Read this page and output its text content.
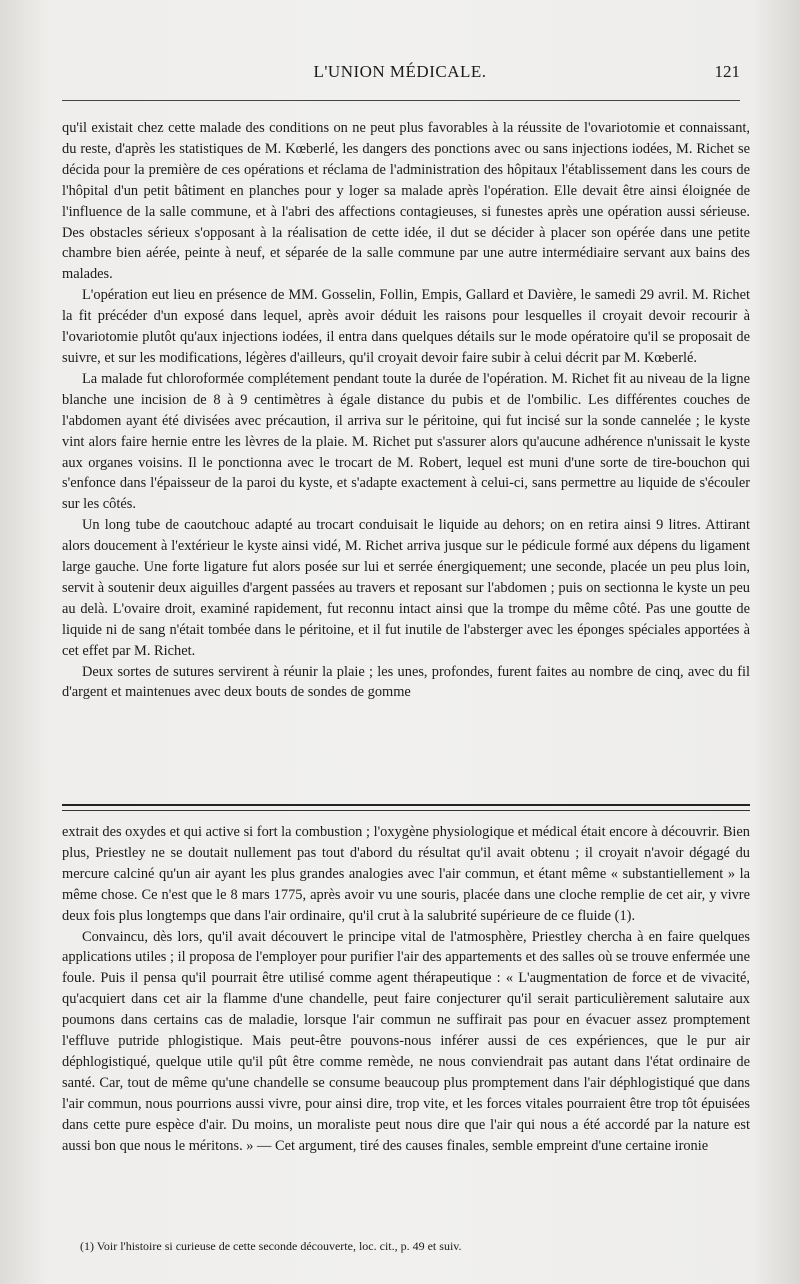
L'UNION MÉDICALE.	121

qu'il existait chez cette malade des conditions on ne peut plus favorables à la réussite de l'ovariotomie et connaissant, du reste, d'après les statistiques de M. Kœberlé, les dangers des ponctions avec ou sans injections iodées, M. Richet se décida pour la première de ces opérations et réclama de l'administration des hôpitaux l'établissement dans les cours de l'hôpital d'un petit bâtiment en planches pour y loger sa malade après l'opération. Elle devait être ainsi éloignée de l'influence de la salle commune, et à l'abri des affections contagieuses, si funestes après une opération aussi sérieuse. Des obstacles sérieux s'opposant à la réalisation de cette idée, il dut se décider à placer son opérée dans une petite chambre bien aérée, peinte à neuf, et séparée de la salle commune par une autre intermédiaire servant aux bains des malades.

L'opération eut lieu en présence de MM. Gosselin, Follin, Empis, Gallard et Davière, le samedi 29 avril. M. Richet la fit précéder d'un exposé dans lequel, après avoir déduit les raisons pour lesquelles il croyait devoir recourir à l'ovariotomie plutôt qu'aux injections iodées, il entra dans quelques détails sur le mode opératoire qu'il se proposait de suivre, et sur les modifications, légères d'ailleurs, qu'il croyait devoir faire subir à celui décrit par M. Kœberlé.

La malade fut chloroformée complétement pendant toute la durée de l'opération. M. Richet fit au niveau de la ligne blanche une incision de 8 à 9 centimètres à égale distance du pubis et de l'ombilic. Les différentes couches de l'abdomen ayant été divisées avec précaution, il arriva sur le péritoine, qui fut incisé sur la sonde cannelée ; le kyste vint alors faire hernie entre les lèvres de la plaie. M. Richet put s'assurer alors qu'aucune adhérence n'unissait le kyste aux organes voisins. Il le ponctionna avec le trocart de M. Robert, lequel est muni d'une sorte de tire-bouchon qui s'enfonce dans l'épaisseur de la paroi du kyste, et s'adapte exactement à celui-ci, sans permettre au liquide de s'écouler sur les côtés.

Un long tube de caoutchouc adapté au trocart conduisait le liquide au dehors; on en retira ainsi 9 litres. Attirant alors doucement à l'extérieur le kyste ainsi vidé, M. Richet arriva jusque sur le pédicule formé aux dépens du ligament large gauche. Une forte ligature fut alors posée sur lui et serrée énergiquement; une seconde, placée un peu plus loin, servit à soutenir deux aiguilles d'argent passées au travers et reposant sur l'abdomen ; puis on sectionna le kyste un peu au delà. L'ovaire droit, examiné rapidement, fut reconnu intact ainsi que la trompe du même côté. Pas une goutte de liquide ni de sang n'était tombée dans le péritoine, et il fut inutile de l'absterger avec les éponges spéciales apportées à cet effet par M. Richet.

Deux sortes de sutures servirent à réunir la plaie ; les unes, profondes, furent faites au nombre de cinq, avec du fil d'argent et maintenues avec deux bouts de sondes de gomme

extrait des oxydes et qui active si fort la combustion ; l'oxygène physiologique et médical était encore à découvrir. Bien plus, Priestley ne se doutait nullement pas tout d'abord du résultat qu'il avait obtenu ; il croyait n'avoir dégagé du mercure calciné qu'un air ayant les plus grandes analogies avec l'air commun, et étant même « substantiellement » la même chose. Ce n'est que le 8 mars 1775, après avoir vu une souris, placée dans une cloche remplie de cet air, y vivre deux fois plus longtemps que dans l'air ordinaire, qu'il crut à la salubrité supérieure de ce fluide (1).

Convaincu, dès lors, qu'il avait découvert le principe vital de l'atmosphère, Priestley chercha à en faire quelques applications utiles ; il proposa de l'employer pour purifier l'air des appartements et des salles où se trouve enfermée une foule. Puis il pensa qu'il pourrait être utilisé comme agent thérapeutique : « L'augmentation de force et de vivacité, qu'acquiert dans cet air la flamme d'une chandelle, peut faire conjecturer qu'il serait particulièrement salutaire aux poumons dans certains cas de maladie, lorsque l'air commun ne suffirait pas pour en évacuer assez promptement l'effluve putride phlogistique. Mais peut-être pouvons-nous inférer aussi de ces expériences, que le pur air déphlogistiqué, quelque utile qu'il pût être comme remède, ne nous conviendrait pas autant dans l'état ordinaire de santé. Car, tout de même qu'une chandelle se consume beaucoup plus promptement dans l'air déphlogistiqué que dans l'air commun, nous pourrions aussi vivre, pour ainsi dire, trop vite, et les forces vitales pourraient être trop tôt épuisées dans cette pure espèce d'air. Du moins, un moraliste peut nous dire que l'air qui nous a été accordé par la nature est aussi bon que nous le méritons. » — Cet argument, tiré des causes finales, semble empreint d'une certaine ironie

(1) Voir l'histoire si curieuse de cette seconde découverte, loc. cit., p. 49 et suiv.
